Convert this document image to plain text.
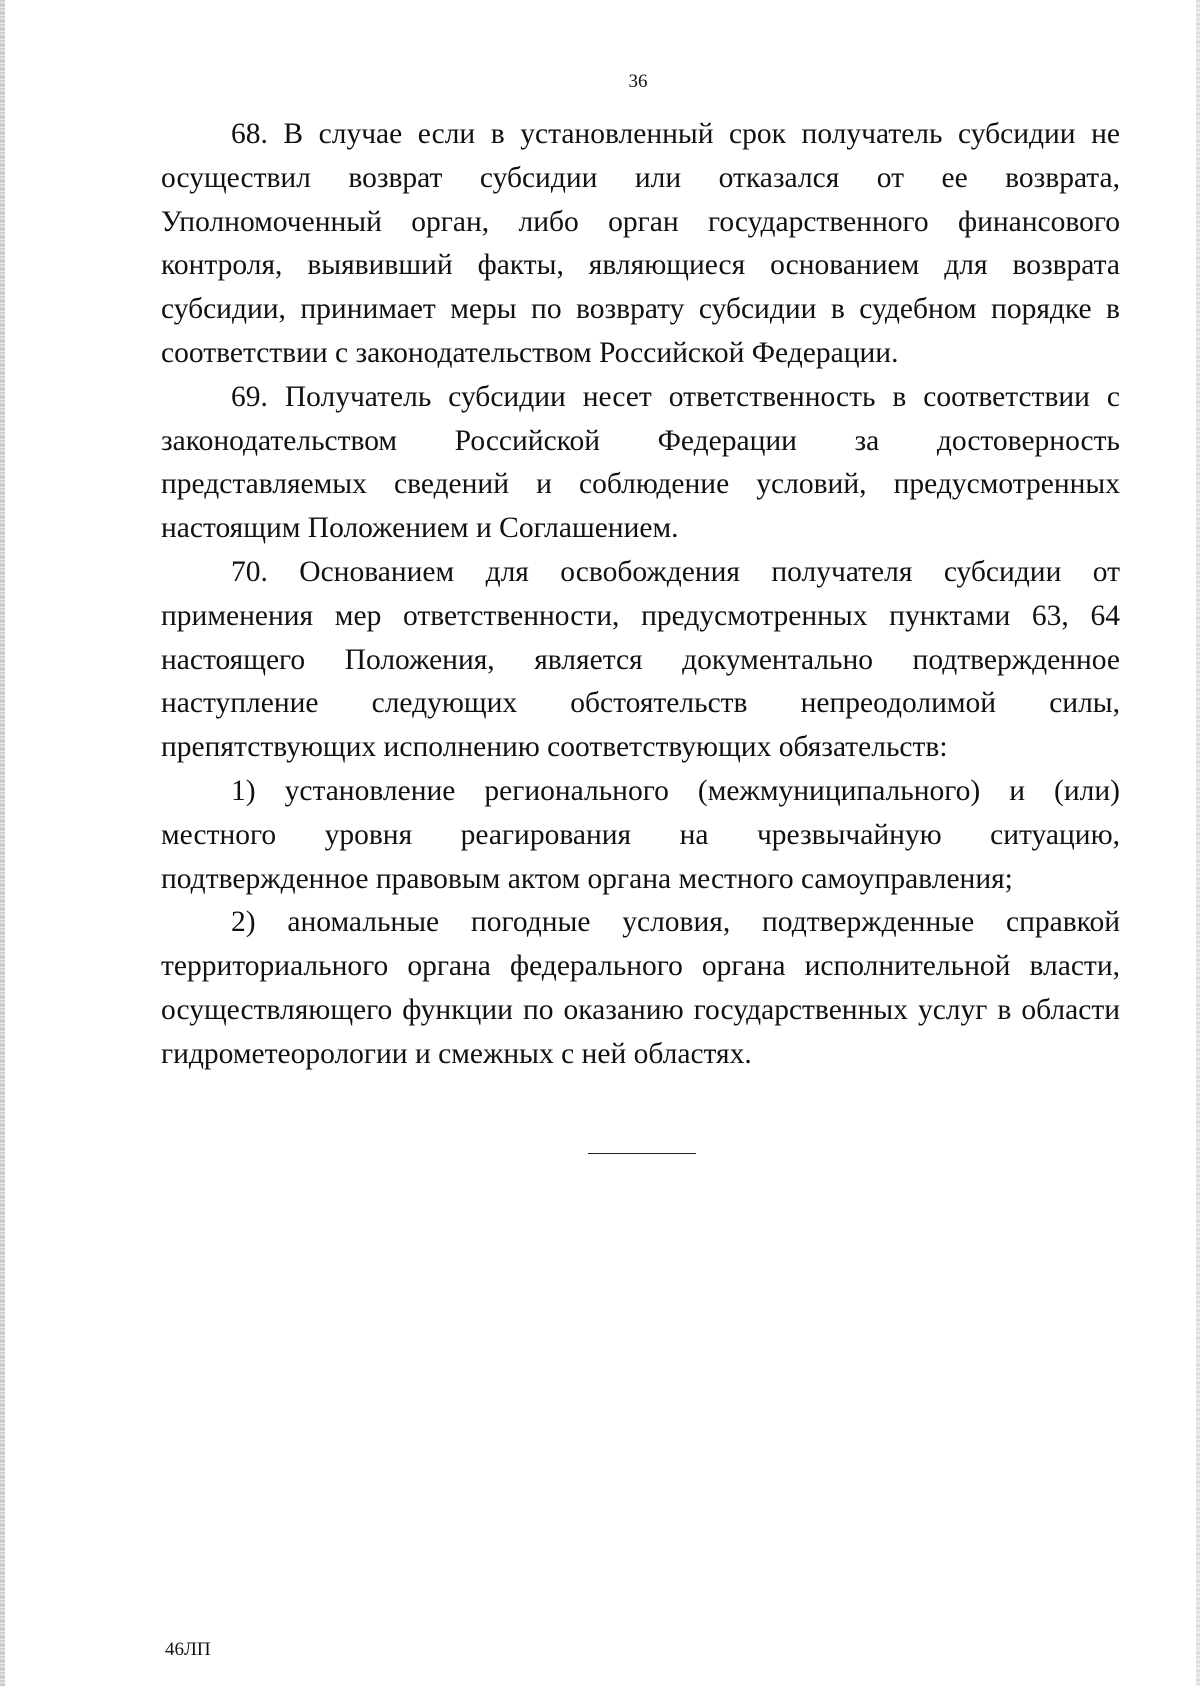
36

68. В случае если в установленный срок получатель субсидии не осуществил возврат субсидии или отказался от ее возврата, Уполномоченный орган, либо орган государственного финансового контроля, выявивший факты, являющиеся основанием для возврата субсидии, принимает меры по возврату субсидии в судебном порядке в соответствии с законодательством Российской Федерации.

69. Получатель субсидии несет ответственность в соответствии с законодательством Российской Федерации за достоверность представляемых сведений и соблюдение условий, предусмотренных настоящим Положением и Соглашением.

70. Основанием для освобождения получателя субсидии от применения мер ответственности, предусмотренных пунктами 63, 64 настоящего Положения, является документально подтвержденное наступление следующих обстоятельств непреодолимой силы, препятствующих исполнению соответствующих обязательств:

1) установление регионального (межмуниципального) и (или) местного уровня реагирования на чрезвычайную ситуацию, подтвержденное правовым актом органа местного самоуправления;

2) аномальные погодные условия, подтвержденные справкой территориального органа федерального органа исполнительной власти, осуществляющего функции по оказанию государственных услуг в области гидрометеорологии и смежных с ней областях.

46ЛП
